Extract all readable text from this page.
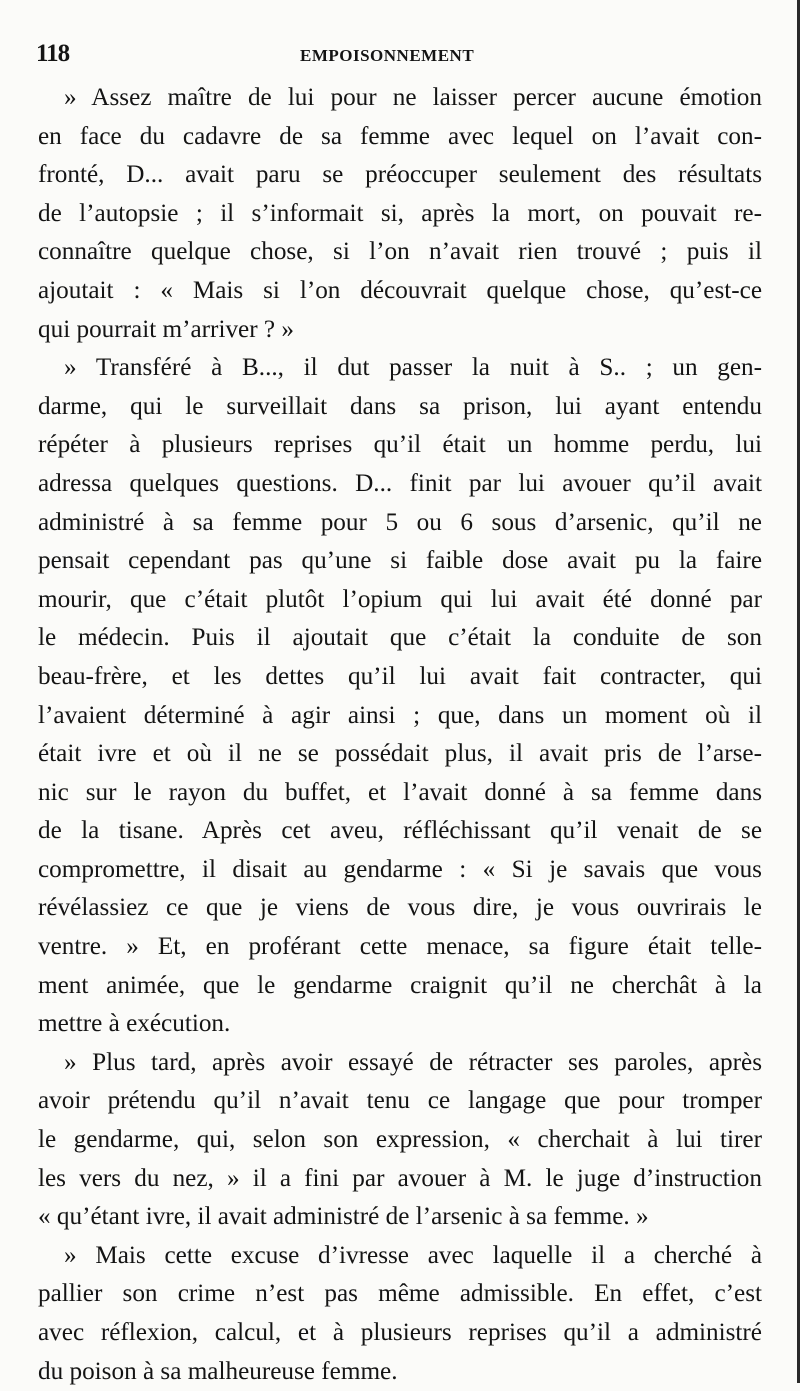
118	EMPOISONNEMENT
» Assez maître de lui pour ne laisser percer aucune émotion
en face du cadavre de sa femme avec lequel on l’avait con-
fronté, D... avait paru se préoccuper seulement des résultats
de l’autopsie ; il s’informait si, après la mort, on pouvait re-
connaître quelque chose, si l’on n’avait rien trouvé ; puis il
ajoutait : « Mais si l’on découvrait quelque chose, qu’est-ce
qui pourrait m’arriver ? »
» Transféré à B..., il dut passer la nuit à S.. ; un gen-
darme, qui le surveillait dans sa prison, lui ayant entendu
répéter à plusieurs reprises qu’il était un homme perdu, lui
adressa quelques questions. D... finit par lui avouer qu’il avait
administré à sa femme pour 5 ou 6 sous d’arsenic, qu’il ne
pensait cependant pas qu’une si faible dose avait pu la faire
mourir, que c’était plutôt l’opium qui lui avait été donné par
le médecin. Puis il ajoutait que c’était la conduite de son
beau-frère, et les dettes qu’il lui avait fait contracter, qui
l’avaient déterminé à agir ainsi ; que, dans un moment où il
était ivre et où il ne se possédait plus, il avait pris de l’arse-
nic sur le rayon du buffet, et l’avait donné à sa femme dans
de la tisane. Après cet aveu, réfléchissant qu’il venait de se
compromettre, il disait au gendarme : « Si je savais que vous
révélassiez ce que je viens de vous dire, je vous ouvrirais le
ventre. » Et, en proférant cette menace, sa figure était telle-
ment animée, que le gendarme craignit qu’il ne cherchât à la
mettre à exécution.
» Plus tard, après avoir essayé de rétracter ses paroles, après
avoir prétendu qu’il n’avait tenu ce langage que pour tromper
le gendarme, qui, selon son expression, « cherchait à lui tirer
les vers du nez, » il a fini par avouer à M. le juge d’instruction
« qu’étant ivre, il avait administré de l’arsenic à sa femme. »
» Mais cette excuse d’ivresse avec laquelle il a cherché à
pallier son crime n’est pas même admissible. En effet, c’est
avec réflexion, calcul, et à plusieurs reprises qu’il a administré
du poison à sa malheureuse femme.
